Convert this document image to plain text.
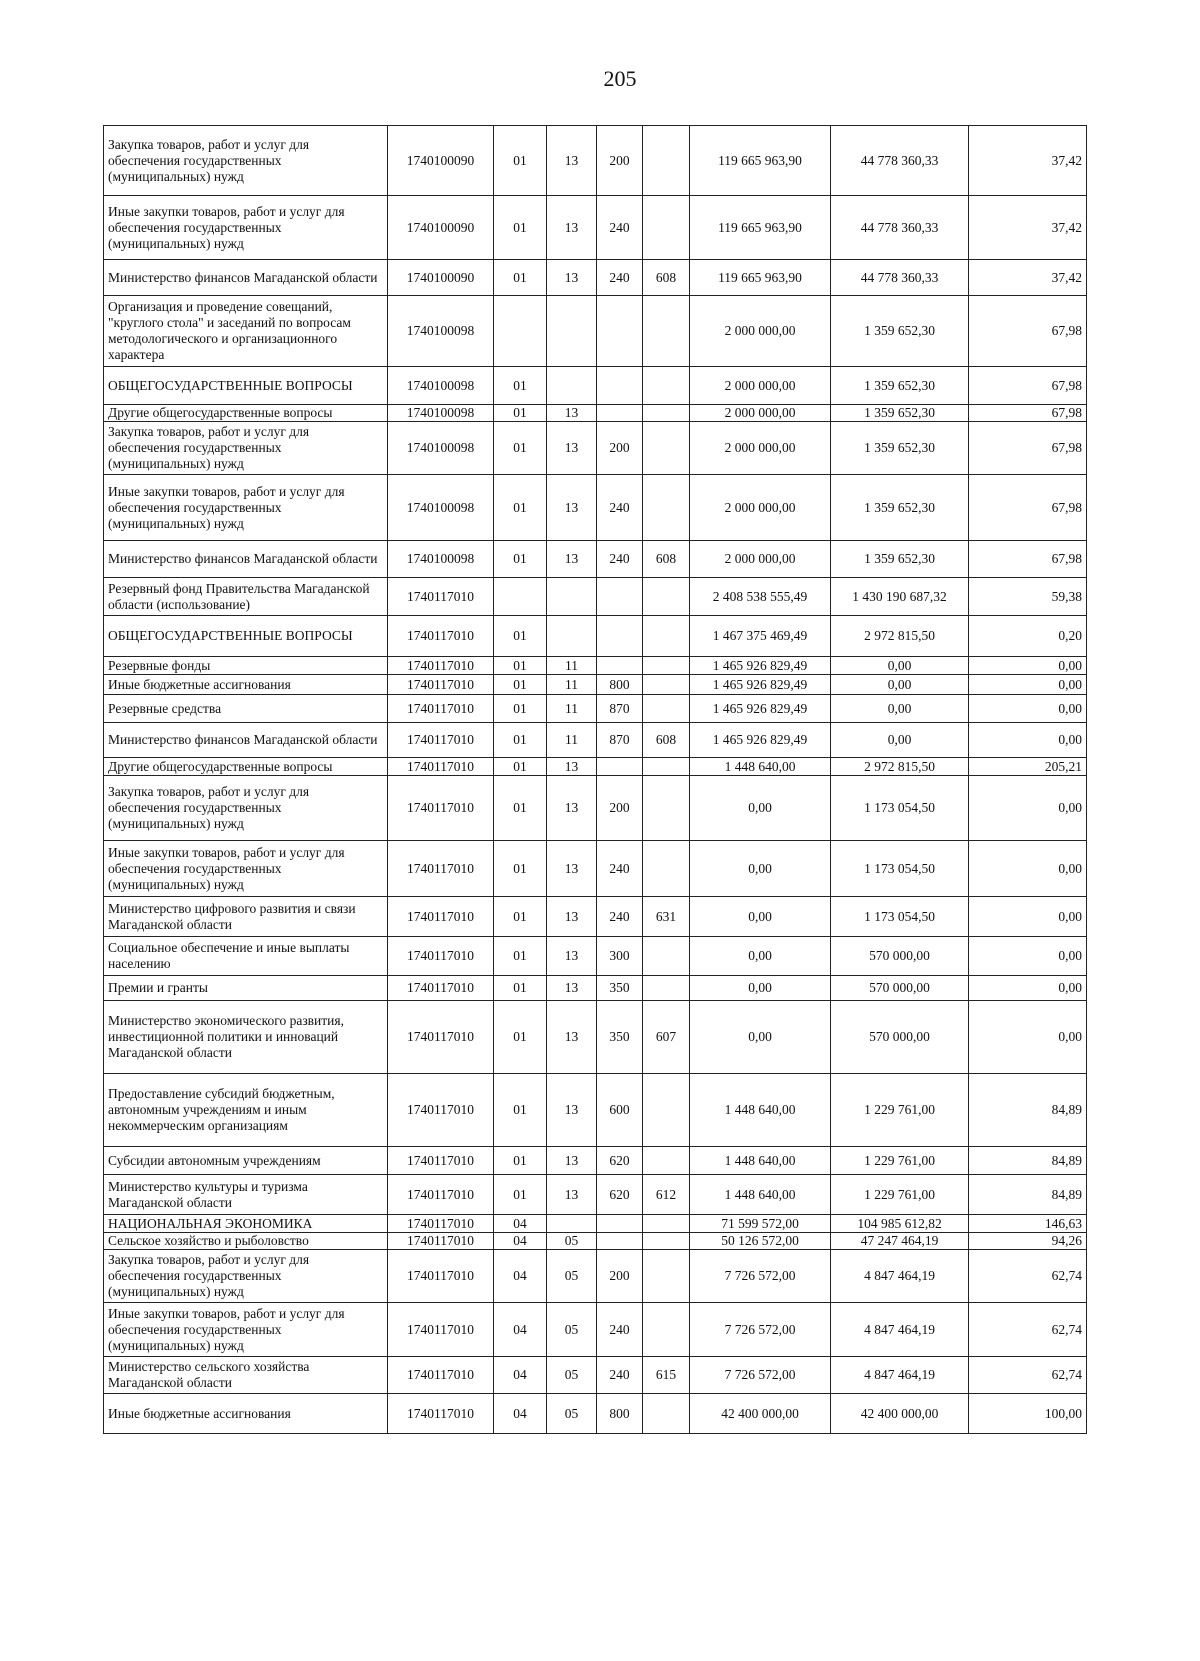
205
Закупка товаров, работ и услуг для обеспечения государственных (муниципальных) нужд	1740100090	01	13	200		119 665 963,90	44 778 360,33	37,42
Иные закупки товаров, работ и услуг для обеспечения государственных (муниципальных) нужд	1740100090	01	13	240		119 665 963,90	44 778 360,33	37,42
Министерство финансов Магаданской области	1740100090	01	13	240	608	119 665 963,90	44 778 360,33	37,42
Организация и проведение совещаний, "круглого стола" и заседаний по вопросам методологического и организационного характера	1740100098					2 000 000,00	1 359 652,30	67,98
ОБЩЕГОСУДАРСТВЕННЫЕ ВОПРОСЫ	1740100098	01				2 000 000,00	1 359 652,30	67,98
Другие общегосударственные вопросы	1740100098	01	13			2 000 000,00	1 359 652,30	67,98
Закупка товаров, работ и услуг для обеспечения государственных (муниципальных) нужд	1740100098	01	13	200		2 000 000,00	1 359 652,30	67,98
Иные закупки товаров, работ и услуг для обеспечения государственных (муниципальных) нужд	1740100098	01	13	240		2 000 000,00	1 359 652,30	67,98
Министерство финансов Магаданской области	1740100098	01	13	240	608	2 000 000,00	1 359 652,30	67,98
Резервный фонд Правительства Магаданской области (использование)	1740117010					2 408 538 555,49	1 430 190 687,32	59,38
ОБЩЕГОСУДАРСТВЕННЫЕ ВОПРОСЫ	1740117010	01				1 467 375 469,49	2 972 815,50	0,20
Резервные фонды	1740117010	01	11			1 465 926 829,49	0,00	0,00
Иные бюджетные ассигнования	1740117010	01	11	800		1 465 926 829,49	0,00	0,00
Резервные средства	1740117010	01	11	870		1 465 926 829,49	0,00	0,00
Министерство финансов Магаданской области	1740117010	01	11	870	608	1 465 926 829,49	0,00	0,00
Другие общегосударственные вопросы	1740117010	01	13			1 448 640,00	2 972 815,50	205,21
Закупка товаров, работ и услуг для обеспечения государственных (муниципальных) нужд	1740117010	01	13	200		0,00	1 173 054,50	0,00
Иные закупки товаров, работ и услуг для обеспечения государственных (муниципальных) нужд	1740117010	01	13	240		0,00	1 173 054,50	0,00
Министерство цифрового развития и связи Магаданской области	1740117010	01	13	240	631	0,00	1 173 054,50	0,00
Социальное обеспечение и иные выплаты населению	1740117010	01	13	300		0,00	570 000,00	0,00
Премии и гранты	1740117010	01	13	350		0,00	570 000,00	0,00
Министерство экономического развития, инвестиционной политики и инноваций Магаданской области	1740117010	01	13	350	607	0,00	570 000,00	0,00
Предоставление субсидий бюджетным, автономным учреждениям и иным некоммерческим организациям	1740117010	01	13	600		1 448 640,00	1 229 761,00	84,89
Субсидии автономным учреждениям	1740117010	01	13	620		1 448 640,00	1 229 761,00	84,89
Министерство культуры и туризма Магаданской области	1740117010	01	13	620	612	1 448 640,00	1 229 761,00	84,89
НАЦИОНАЛЬНАЯ ЭКОНОМИКА	1740117010	04				71 599 572,00	104 985 612,82	146,63
Сельское хозяйство и рыболовство	1740117010	04	05			50 126 572,00	47 247 464,19	94,26
Закупка товаров, работ и услуг для обеспечения государственных (муниципальных) нужд	1740117010	04	05	200		7 726 572,00	4 847 464,19	62,74
Иные закупки товаров, работ и услуг для обеспечения государственных (муниципальных) нужд	1740117010	04	05	240		7 726 572,00	4 847 464,19	62,74
Министерство сельского хозяйства Магаданской области	1740117010	04	05	240	615	7 726 572,00	4 847 464,19	62,74
Иные бюджетные ассигнования	1740117010	04	05	800		42 400 000,00	42 400 000,00	100,00
